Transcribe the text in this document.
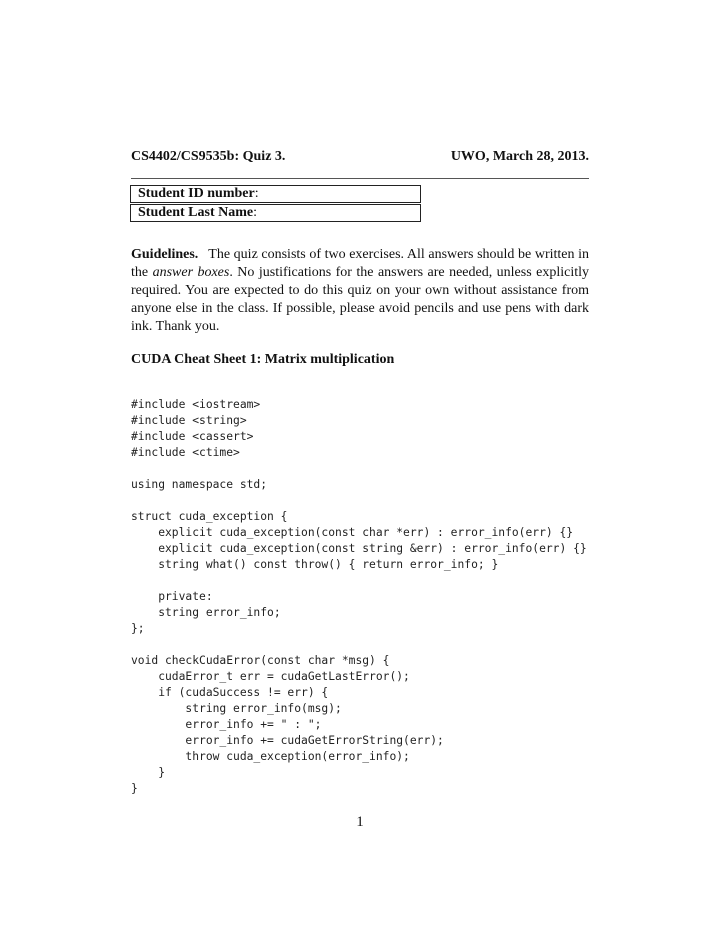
CS4402/CS9535b: Quiz 3.	UWO, March 28, 2013.
Student ID number:
Student Last Name:

Guidelines. The quiz consists of two exercises. All answers should be written in the answer boxes. No justifications for the answers are needed, unless explicitly required. You are expected to do this quiz on your own without assistance from anyone else in the class. If possible, please avoid pencils and use pens with dark ink. Thank you.

CUDA Cheat Sheet 1: Matrix multiplication
#include <iostream>
#include <string>
#include <cassert>
#include <ctime>
using namespace std;
struct cuda_exception {
explicit cuda_exception(const char *err) : error_info(err) {}
explicit cuda_exception(const string &err) : error_info(err) {}
string what() const throw() { return error_info; }
private:
string error_info;
};
void checkCudaError(const char *msg) {
cudaError_t err = cudaGetLastError();
if (cudaSuccess != err) {
string error_info(msg);
error_info += " : ";
error_info += cudaGetErrorString(err);
throw cuda_exception(error_info);
}
}
1
